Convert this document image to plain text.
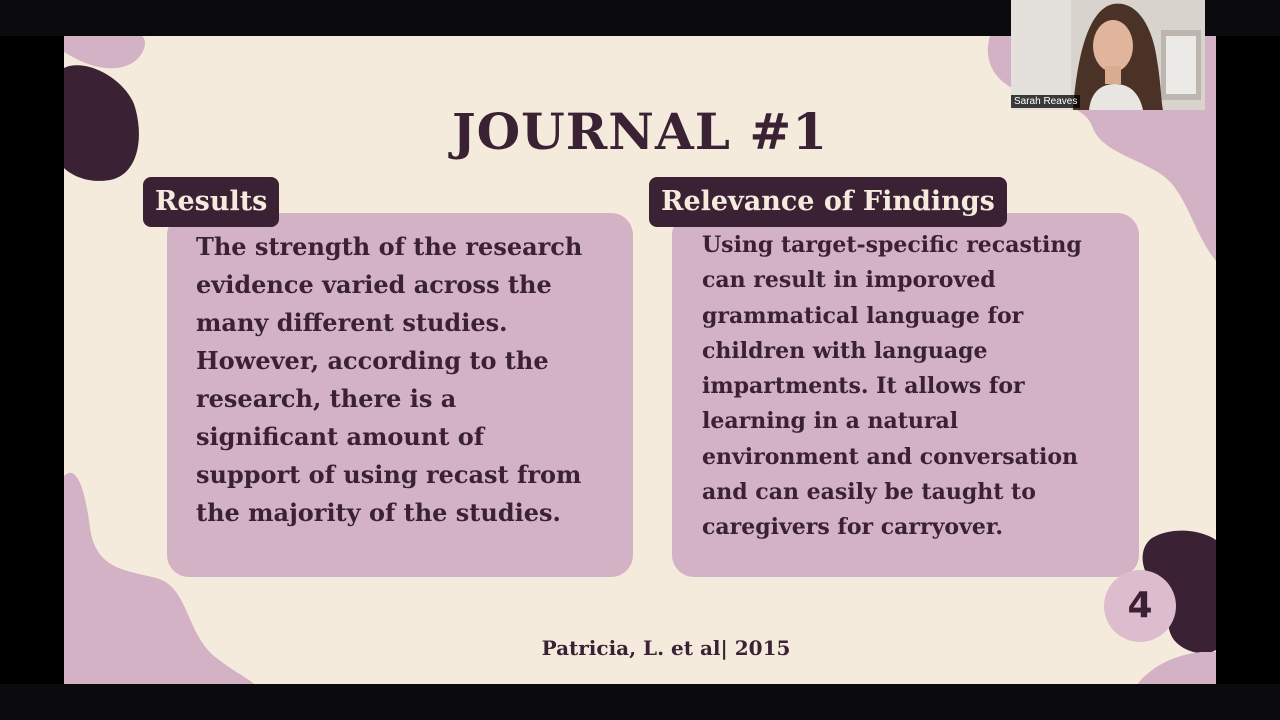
JOURNAL #1
Results
The strength of the research
evidence varied across the
many different studies.
However, according to the
research, there is a
significant amount of
support of using recast from
the majority of the studies.
Relevance of Findings
Using target-specific recasting
can result in imporoved
grammatical language for
children with language
impartments. It allows for
learning in a natural
environment and conversation
and can easily be taught to
caregivers for carryover.
4

Patricia, L. et al| 2015

Sarah Reaves
